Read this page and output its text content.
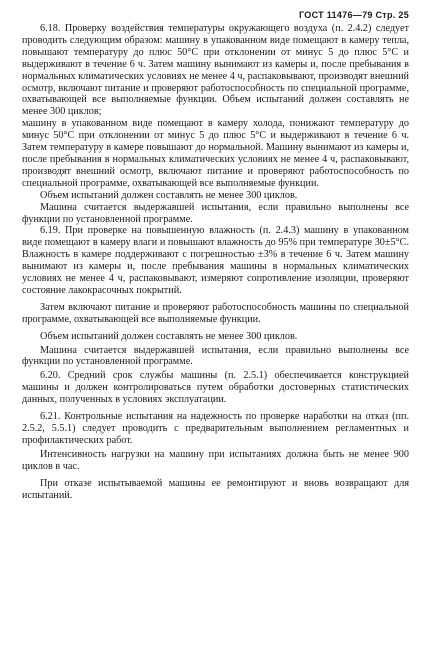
ГОСТ 11476—79 Стр. 25

6.18. Проверку воздействия температуры окружающего воздуха (п. 2.4.2) следует проводить следующим образом: машину в упакованном виде помещают в камеру тепла, повышают температуру до плюс 50°С при отклонении от минус 5 до плюс 5°С и выдерживают в течение 6 ч. Затем машину вынимают из камеры и, после пребывания в нормальных климатических условиях не менее 4 ч, распаковывают, производят внешний осмотр, включают питание и проверяют работоспособность по специальной программе, охватывающей все выполняемые функции. Объем испытаний должен составлять не менее 300 циклов;

машину в упакованном виде помещают в камеру холода, понижают температуру до минус 50°С при отклонении от минус 5 до плюс 5°С и выдерживают в течение 6 ч. Затем температуру в камере повышают до нормальной. Машину вынимают из камеры и, после пребывания в нормальных климатических условиях не менее 4 ч, распаковывают, производят внешний осмотр, включают питание и проверяют работоспособность по специальной программе, охватывающей все выполняемые функции.

Объем испытаний должен составлять не менее 300 циклов.

Машина считается выдержавшей испытания, если правильно выполнены все функции по установленной программе.

6.19. При проверке на повышенную влажность (п. 2.4.3) машину в упакованном виде помещают в камеру влаги и повышают влажность до 95% при температуре 30±5°С. Влажность в камере поддерживают с погрешностью ±3% в течение 6 ч. Затем машину вынимают из камеры и, после пребывания машины в нормальных климатических условиях не менее 4 ч, распаковывают, измеряют сопротивление изоляции, проверяют состояние лакокрасочных покрытий.

Затем включают питание и проверяют работоспособность машины по специальной программе, охватывающей все выполняемые функции.

Объем испытаний должен составлять не менее 300 циклов.

Машина считается выдержавшей испытания, если правильно выполнены все функции по установленной программе.

6.20. Средний срок службы машины (п. 2.5.1) обеспечивается конструкцией машины и должен контролироваться путем обработки достоверных статистических данных, полученных в условиях эксплуатации.

6.21. Контрольные испытания на надежность по проверке наработки на отказ (пп. 2.5.2, 5.5.1) следует проводить с предварительным выполнением регламентных и профилактических работ.

Интенсивность нагрузки на машину при испытаниях должна быть не менее 900 циклов в час.

При отказе испытываемой машины ее ремонтируют и вновь возвращают для испытаний.
